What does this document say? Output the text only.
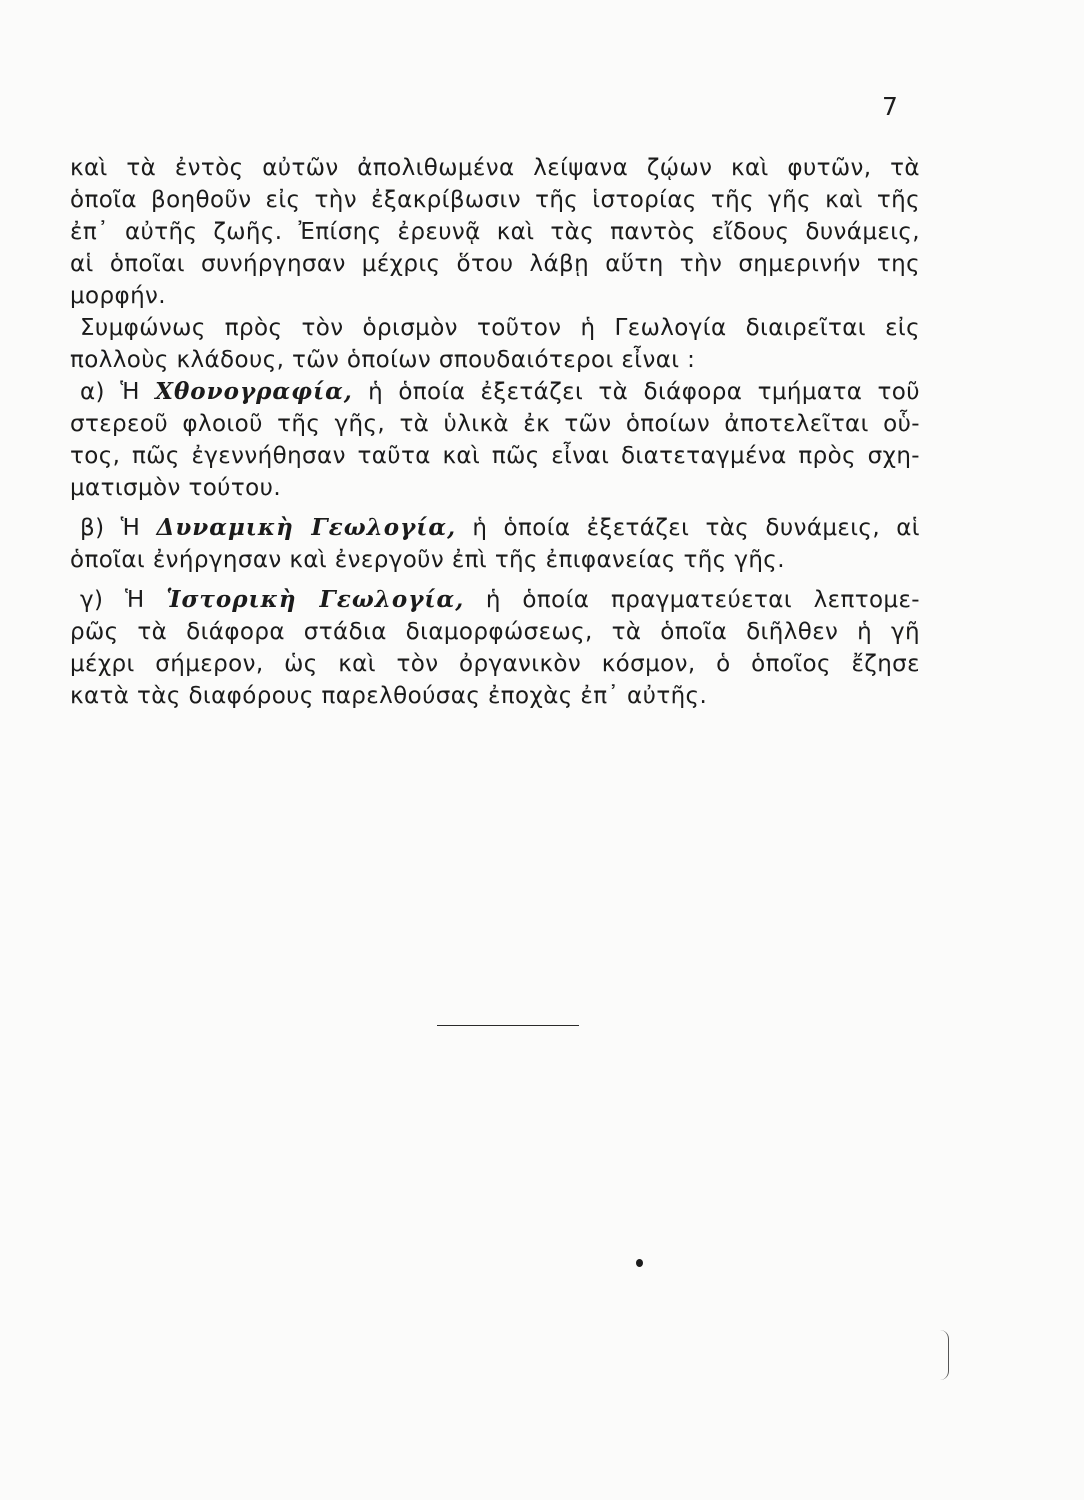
7
καὶ τὰ ἐντὸς αὐτῶν ἀπολιθωμένα λείψανα ζῴων καὶ φυτῶν, τὰ
ὁποῖα βοηθοῦν εἰς τὴν ἐξακρίβωσιν τῆς ἱστορίας τῆς γῆς καὶ τῆς
ἐπ᾿ αὐτῆς ζωῆς. Ἐπίσης ἐρευνᾷ καὶ τὰς παντὸς εἴδους δυνάμεις,
αἱ ὁποῖαι συνήργησαν μέχρις ὅτου λάβῃ αὕτη τὴν σημερινήν της
μορφήν.
Συμφώνως πρὸς τὸν ὁρισμὸν τοῦτον ἡ Γεωλογία διαιρεῖται εἰς
πολλοὺς κλάδους, τῶν ὁποίων σπουδαιότεροι εἶναι :
α) Ἡ Χθονογραφία, ἡ ὁποία ἐξετάζει τὰ διάφορα τμήματα τοῦ
στερεοῦ φλοιοῦ τῆς γῆς, τὰ ὑλικὰ ἐκ τῶν ὁποίων ἀποτελεῖται οὗ-
τος, πῶς ἐγεννήθησαν ταῦτα καὶ πῶς εἶναι διατεταγμένα πρὸς σχη-
ματισμὸν τούτου.
β) Ἡ Δυναμικὴ Γεωλογία, ἡ ὁποία ἐξετάζει τὰς δυνάμεις, αἱ
ὁποῖαι ἐνήργησαν καὶ ἐνεργοῦν ἐπὶ τῆς ἐπιφανείας τῆς γῆς.
γ) Ἡ Ἱστορικὴ Γεωλογία, ἡ ὁποία πραγματεύεται λεπτομε-
ρῶς τὰ διάφορα στάδια διαμορφώσεως, τὰ ὁποῖα διῆλθεν ἡ γῆ
μέχρι σήμερον, ὡς καὶ τὸν ὀργανικὸν κόσμον, ὁ ὁποῖος ἔζησε
κατὰ τὰς διαφόρους παρελθούσας ἐποχὰς ἐπ᾿ αὐτῆς.
